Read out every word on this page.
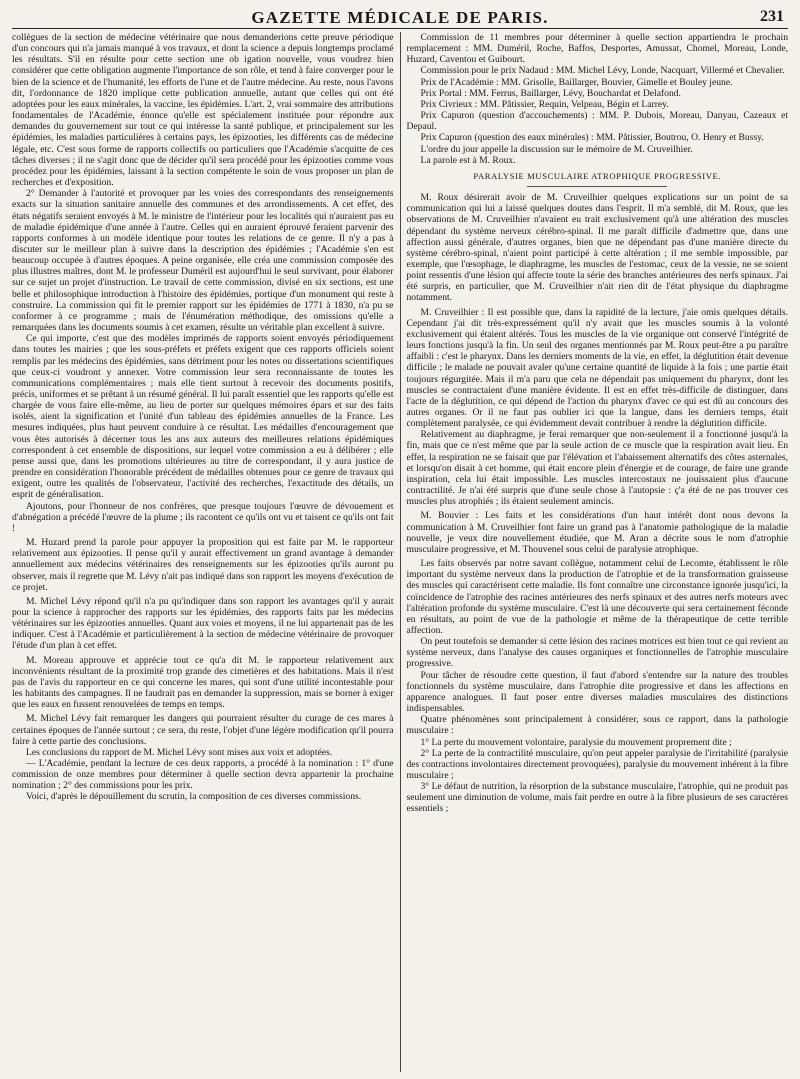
GAZETTE MÉDICALE DE PARIS.	231

collègues de la section de médecine vétérinaire que nous demanderions cette preuve périodique d'un concours qui n'a jamais manqué à vos travaux, et dont la science a depuis longtemps proclamé les résultats. S'il en résulte pour cette section une ob igation nouvelle, vous voudrez bien considérer que cette obligation augmente l'importance de son rôle, et tend à faire converger pour le bien de la science et de l'humanité, les efforts de l'une et de l'autre médecine. Au reste, nous l'avons dit, l'ordonnance de 1820 implique cette publication annuelle, autant que celles qui ont été adoptées pour les eaux minérales, la vaccine, les épidémies. L'art. 2, vrai sommaire des attributions fondamentales de l'Académie, énonce qu'elle est spécialement instituée pour répondre aux demandes du gouvernement sur tout ce qui intéresse la santé publique, et principalement sur les épidémies, les maladies particulières à certains pays, les épizooties, les différents cas de médecine légale, etc. C'est sous forme de rapports collectifs ou particuliers que l'Académie s'acquitte de ces tâches diverses ; il ne s'agit donc que de décider qu'il sera procédé pour les épizooties comme vous procédez pour les épidémies, laissant à la section compétente le soin de vous proposer un plan de recherches et d'exposition.

2° Demander à l'autorité et provoquer par les voies des correspondants des renseignements exacts sur la situation sanitaire annuelle des communes et des arrondissements. A cet effet, des états négatifs seraient envoyés à M. le ministre de l'intérieur pour les localités qui n'auraient pas eu de maladie épidémique d'une année à l'autre. Celles qui en auraient éprouvé feraient parvenir des rapports conformes à un modèle identique pour toutes les relations de ce genre. Il n'y a pas à discuter sur le meilleur plan à suivre dans la description des épidémies ; l'Académie s'en est beaucoup occupée à d'autres époques. A peine organisée, elle créa une commission composée des plus illustres maîtres, dont M. le professeur Duméril est aujourd'hui le seul survivant, pour élaborer sur ce sujet un projet d'instruction. Le travail de cette commission, divisé en six sections, est une belle et philosophique introduction à l'histoire des épidémies, portique d'un monument qui reste à construire. La commission qui fit le premier rapport sur les épidémies de 1771 à 1830, n'a pu se conformer à ce programme ; mais de l'énumération méthodique, des omissions qu'elle a remarquées dans les documents soumis à cet examen, résulte un véritable plan excellent à suivre.

Ce qui importe, c'est que des modèles imprimés de rapports soient envoyés périodiquement dans toutes les mairies ; que les sous-préfets et préfets exigent que ces rapports officiels soient remplis par les médecins des épidémies, sans détriment pour les notes ou dissertations scientifiques que ceux-ci voudront y annexer. Votre commission leur sera reconnaissante de toutes les communications complémentaires ; mais elle tient surtout à recevoir des documents positifs, précis, uniformes et se prêtant à un résumé général. Il lui paraît essentiel que les rapports qu'elle est chargée de vous faire elle-même, au lieu de porter sur quelques mémoires épars et sur des faits isolés, aient la signification et l'unité d'un tableau des épidémies annuelles de la France. Les mesures indiquées, plus haut peuvent conduire à ce résultat. Les médailles d'encouragement que vous êtes autorisés à décerner tous les ans aux auteurs des meilleures relations épidémiques correspondent à cet ensemble de dispositions, sur lequel votre commission a eu à délibérer ; elle pense aussi que, dans les promotions ultérieures au titre de correspondant, il y aura justice de prendre en considération l'honorable précédent de médailles obtenues pour ce genre de travaux qui exigent, outre les qualités de l'observateur, l'activité des recherches, l'exactitude des détails, un esprit de généralisation.

Ajoutons, pour l'honneur de nos confrères, que presque toujours l'œuvre de dévouement et d'abnégation a précédé l'œuvre de la plume ; ils racontent ce qu'ils ont vu et taisent ce qu'ils ont fait !

M. Huzard prend la parole pour appuyer la proposition qui est faite par M. le rapporteur relativement aux épizooties. Il pense qu'il y aurait effectivement un grand avantage à demander annuellement aux médecins vétérinaires des renseignements sur les épizooties qu'ils auront pu observer, mais il regrette que M. Lévy n'ait pas indiqué dans son rapport les moyens d'exécution de ce projet.

M. Michel Lévy répond qu'il n'a pu qu'indiquer dans son rapport les avantages qu'il y aurait pour la science à rapprocher des rapports sur les épidémies, des rapports faits par les médecins vétérinaires sur les épizooties annuelles. Quant aux voies et moyens, il ne lui appartenait pas de les indiquer. C'est à l'Académie et particulièrement à la section de médecine vétérinaire de provoquer l'étude d'un plan à cet effet.

M. Moreau approuve et apprécie tout ce qu'a dit M. le rapporteur relativement aux inconvénients résultant de la proximité trop grande des cimetières et des habitations. Mais il n'est pas de l'avis du rapporteur en ce qui concerne les mares, qui sont d'une utilité incontestable pour les habitants des campagnes. Il ne faudrait pas en demander la suppression, mais se borner à exiger que les eaux en fussent renouvelées de temps en temps.

M. Michel Lévy fait remarquer les dangers qui pourraient résulter du curage de ces mares à certaines époques de l'année surtout ; ce sera, du reste, l'objet d'une légère modification qu'il pourra faire à cette partie des conclusions.

Les conclusions du rapport de M. Michel Lévy sont mises aux voix et adoptées.

— L'Académie, pendant la lecture de ces deux rapports, a procédé à la nomination : 1° d'une commission de onze membres pour déterminer à quelle section devra appartenir la prochaine nomination ; 2° des commissions pour les prix.

Voici, d'après le dépouillement du scrutin, la composition de ces diverses commissions.

Commission de 11 membres pour déterminer à quelle section appartiendra le prochain remplacement : MM. Duméril, Roche, Baffos, Desportes, Amussat, Chomel, Moreau, Londe, Huzard, Caventou et Guibourt.

Commission pour le prix Nadaud : MM. Michel Lévy, Londe, Nacquart, Villermé et Chevalier.

Prix de l'Académie : MM. Grisolle, Baillarger, Bouvier, Gimelle et Bouley jeune.

Prix Portal : MM. Ferrus, Baillarger, Lévy, Bouchardat et Delafond.

Prix Civrieux : MM. Pâtissier, Requin, Velpeau, Bégin et Larrey.

Prix Capuron (question d'accouchements) : MM. P. Dubois, Moreau, Danyau, Cazeaux et Depaul.

Prix Capuron (question des eaux minérales) : MM. Pâtissier, Boutrou, O. Henry et Bussy.

L'ordre du jour appelle la discussion sur le mémoire de M. Cruveilhier.

La parole est à M. Roux.

PARALYSIE MUSCULAIRE ATROPHIQUE PROGRESSIVE.

M. Roux désirerait avoir de M. Cruveilhier quelques explications sur un point de sa communication qui lui a laissé quelques doutes dans l'esprit. Il m'a semblé, dit M. Roux, que les observations de M. Cruveilhier n'avaient eu trait exclusivement qu'à une altération des muscles dépendant du système nerveux cérébro-spinal. Il me paraît difficile d'admettre que, dans une affection aussi générale, d'autres organes, bien que ne dépendant pas d'une manière directe du système cérébro-spinal, n'aient point participé à cette altération ; il me semble impossible, par exemple, que l'œsophage, le diaphragme, les muscles de l'estomac, ceux de la vessie, ne se soient point ressentis d'une lésion qui affecte toute la série des branches antérieures des nerfs spinaux. J'ai été surpris, en particulier, que M. Cruveilhier n'ait rien dit de l'état physique du diaphragme notamment.

M. Cruveilhier : Il est possible que, dans la rapidité de la lecture, j'aie omis quelques détails. Cependant j'ai dit très-expressément qu'il n'y avait que les muscles soumis à la volonté exclusivement qui étaient altérés. Tous les muscles de la vie organique ont conservé l'intégrité de leurs fonctions jusqu'à la fin. Un seul des organes mentionnés par M. Roux peut-être a pu paraître affaibli : c'est le pharynx. Dans les derniers moments de la vie, en effet, la déglutition était devenue difficile ; le malade ne pouvait avaler qu'une certaine quantité de liquide à la fois ; une partie était toujours régurgitée. Mais il m'a paru que cela ne dépendait pas uniquement du pharynx, dont les muscles se contractaient d'une manière évidente. Il est en effet très-difficile de distinguer, dans l'acte de la déglutition, ce qui dépend de l'action du pharynx d'avec ce qui est dû au concours des autres organes. Or il ne faut pas oublier ici que la langue, dans les derniers temps, était complètement paralysée, ce qui évidemment devait contribuer à rendre la déglutition difficile.

Relativement au diaphragme, je ferai remarquer que non-seulement il a fonctionné jusqu'à la fin, mais que ce n'est même que par la seule action de ce muscle que la respiration avait lieu. En effet, la respiration ne se faisait que par l'élévation et l'abaissement alternatifs des côtes asternales, et lorsqu'on disait à cet homme, qui était encore plein d'énergie et de courage, de faire une grande inspiration, cela lui était impossible. Les muscles intercostaux ne jouissaient plus d'aucune contractilité. Je n'ai été surpris que d'une seule chose à l'autopsie : ç'a été de ne pas trouver ces muscles plus atrophiés ; ils étaient seulement amincis.

M. Bouvier : Les faits et les considérations d'un haut intérêt dont nous devons la communication à M. Cruveilhier font faire un grand pas à l'anatomie pathologique de la maladie nouvelle, je veux dire nouvellement étudiée, que M. Aran a décrite sous le nom d'atrophie musculaire progressive, et M. Thouvenel sous celui de paralysie atrophique.

Les faits observés par notre savant collègue, notamment celui de Lecomte, établissent le rôle important du système nerveux dans la production de l'atrophie et de la transformation graisseuse des muscles qui caractérisent cette maladie. Ils font connaître une circonstance ignorée jusqu'ici, la coïncidence de l'atrophie des racines antérieures des nerfs spinaux et des autres nerfs moteurs avec l'altération profonde du système musculaire. C'est là une découverte qui sera certainement féconde en résultats, au point de vue de la pathologie et même de la thérapeutique de cette terrible affection.

On peut toutefois se demander si cette lésion des racines motrices est bien tout ce qui revient au système nerveux, dans l'analyse des causes organiques et fonctionnelles de l'atrophie musculaire progressive.

Pour tâcher de résoudre cette question, il faut d'abord s'entendre sur la nature des troubles fonctionnels du système musculaire, dans l'atrophie dite progressive et dans les affections en apparence analogues. Il faut poser entre diverses maladies musculaires des distinctions indispensables.

Quatre phénomènes sont principalement à considérer, sous ce rapport, dans la pathologie musculaire :

1° La perte du mouvement volontaire, paralysie du mouvement proprement dite ;

2° La perte de la contractilité musculaire, qu'on peut appeler paralysie de l'irritabilité (paralysie des contractions involontaires directement provoquées), paralysie du mouvement inhérent à la fibre musculaire ;

3° Le défaut de nutrition, la résorption de la substance musculaire, l'atrophie, qui ne produit pas seulement une diminution de volume, mais fait perdre en outre à la fibre plusieurs de ses caractères essentiels ;
